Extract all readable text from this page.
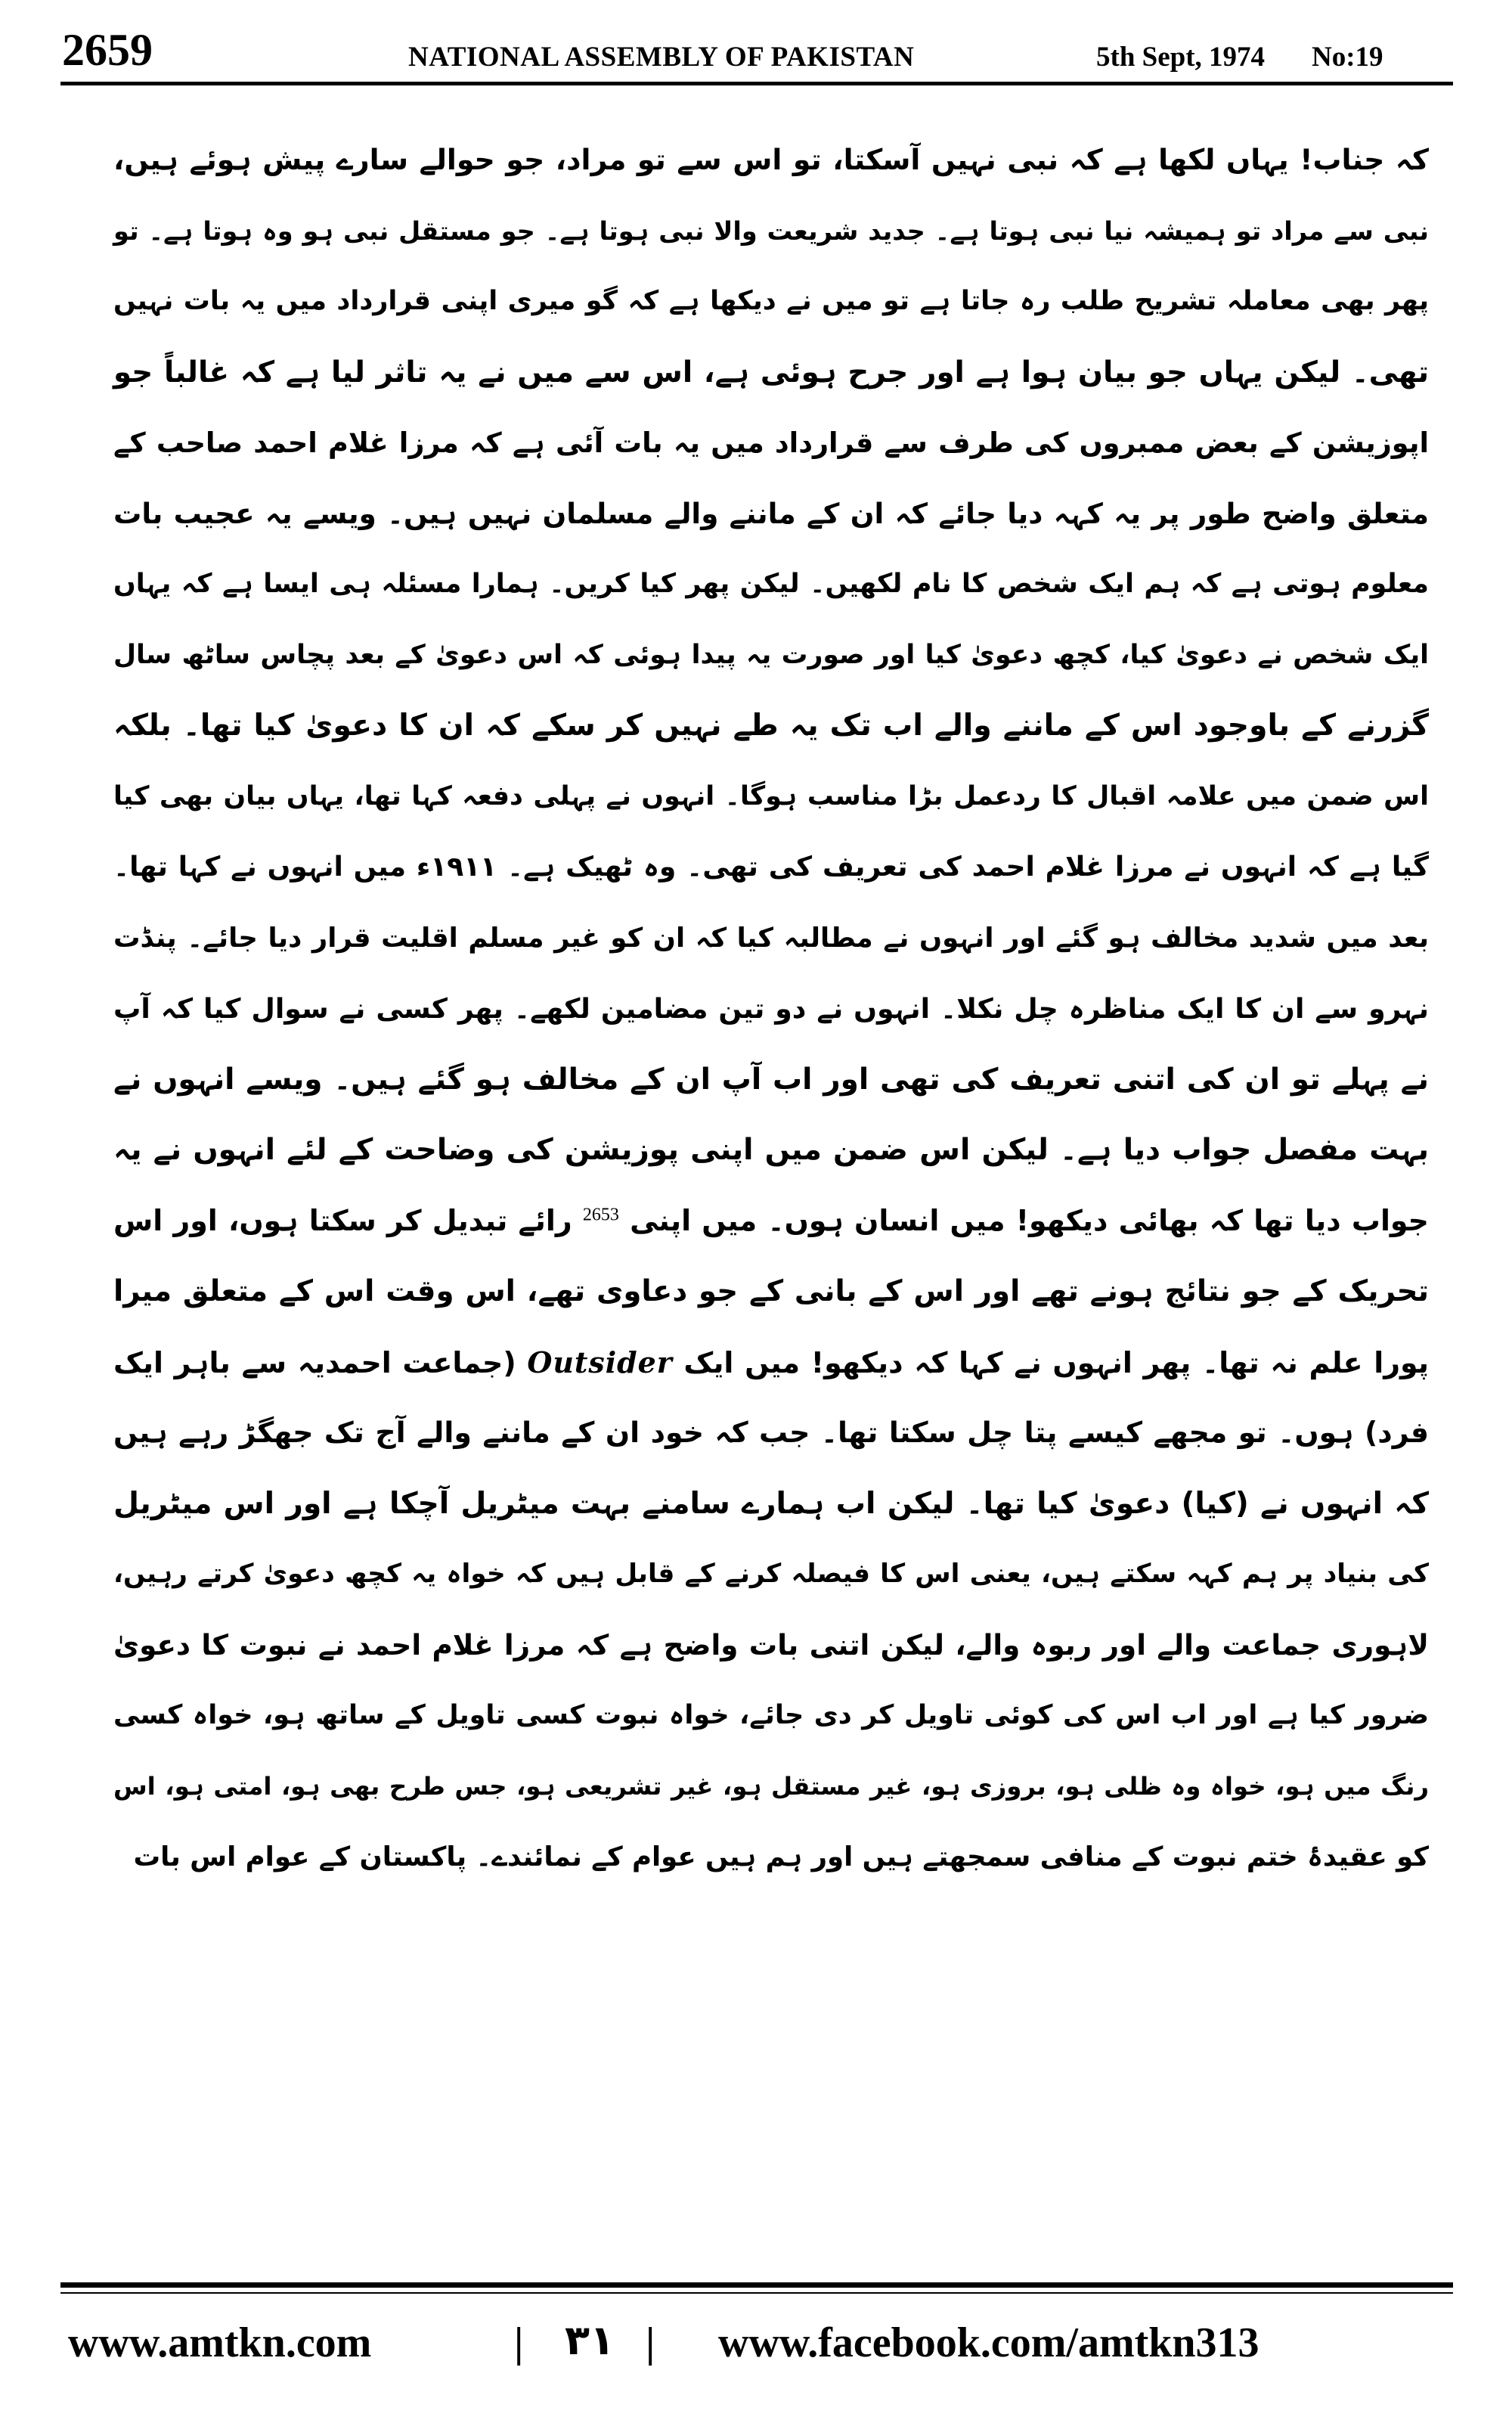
2659	NATIONAL ASSEMBLY OF PAKISTAN	5th Sept, 1974 No:19
کہ جناب! یہاں لکھا ہے کہ نبی نہیں آسکتا، تو اس سے تو مراد، جو حوالے سارے پیش ہوئے ہیں،
نبی سے مراد تو ہمیشہ نیا نبی ہوتا ہے۔ جدید شریعت والا نبی ہوتا ہے۔ جو مستقل نبی ہو وہ ہوتا ہے۔ تو
پھر بھی معاملہ تشریح طلب رہ جاتا ہے تو میں نے دیکھا ہے کہ گو میری اپنی قرارداد میں یہ بات نہیں
تھی۔ لیکن یہاں جو بیان ہوا ہے اور جرح ہوئی ہے، اس سے میں نے یہ تاثر لیا ہے کہ غالباً جو
اپوزیشن کے بعض ممبروں کی طرف سے قرارداد میں یہ بات آئی ہے کہ مرزا غلام احمد صاحب کے
متعلق واضح طور پر یہ کہہ دیا جائے کہ ان کے ماننے والے مسلمان نہیں ہیں۔ ویسے یہ عجیب بات
معلوم ہوتی ہے کہ ہم ایک شخص کا نام لکھیں۔ لیکن پھر کیا کریں۔ ہمارا مسئلہ ہی ایسا ہے کہ یہاں
ایک شخص نے دعویٰ کیا، کچھ دعویٰ کیا اور صورت یہ پیدا ہوئی کہ اس دعویٰ کے بعد پچاس ساٹھ سال
گزرنے کے باوجود اس کے ماننے والے اب تک یہ طے نہیں کر سکے کہ ان کا دعویٰ کیا تھا۔ بلکہ
اس ضمن میں علامہ اقبال کا ردعمل بڑا مناسب ہوگا۔ انہوں نے پہلی دفعہ کہا تھا، یہاں بیان بھی کیا
گیا ہے کہ انہوں نے مرزا غلام احمد کی تعریف کی تھی۔ وہ ٹھیک ہے۔ ۱۹۱۱ء میں انہوں نے کہا تھا۔
بعد میں شدید مخالف ہو گئے اور انہوں نے مطالبہ کیا کہ ان کو غیر مسلم اقلیت قرار دیا جائے۔ پنڈت
نہرو سے ان کا ایک مناظرہ چل نکلا۔ انہوں نے دو تین مضامین لکھے۔ پھر کسی نے سوال کیا کہ آپ
نے پہلے تو ان کی اتنی تعریف کی تھی اور اب آپ ان کے مخالف ہو گئے ہیں۔ ویسے انہوں نے
بہت مفصل جواب دیا ہے۔ لیکن اس ضمن میں اپنی پوزیشن کی وضاحت کے لئے انہوں نے یہ
جواب دیا تھا کہ بھائی دیکھو! میں انسان ہوں۔ میں اپنی $^{2653}$ رائے تبدیل کر سکتا ہوں، اور اس
تحریک کے جو نتائج ہونے تھے اور اس کے بانی کے جو دعاوی تھے، اس وقت اس کے متعلق میرا
پورا علم نہ تھا۔ پھر انہوں نے کہا کہ دیکھو! میں ایک Outsider (جماعت احمدیہ سے باہر ایک
فرد) ہوں۔ تو مجھے کیسے پتا چل سکتا تھا۔ جب کہ خود ان کے ماننے والے آج تک جھگڑ رہے ہیں
کہ انہوں نے (کیا) دعویٰ کیا تھا۔ لیکن اب ہمارے سامنے بہت میٹریل آچکا ہے اور اس میٹریل
کی بنیاد پر ہم کہہ سکتے ہیں، یعنی اس کا فیصلہ کرنے کے قابل ہیں کہ خواہ یہ کچھ دعویٰ کرتے رہیں،
لاہوری جماعت والے اور ربوہ والے، لیکن اتنی بات واضح ہے کہ مرزا غلام احمد نے نبوت کا دعویٰ
ضرور کیا ہے اور اب اس کی کوئی تاویل کر دی جائے، خواہ نبوت کسی تاویل کے ساتھ ہو، خواہ کسی
رنگ میں ہو، خواہ وہ ظلی ہو، بروزی ہو، غیر مستقل ہو، غیر تشریعی ہو، جس طرح بھی ہو، امتی ہو، اس
کو عقیدۂ ختم نبوت کے منافی سمجھتے ہیں اور ہم ہیں عوام کے نمائندے۔ پاکستان کے عوام اس بات
www.amtkn.com	|	۳۱ | www.facebook.com/amtkn313
